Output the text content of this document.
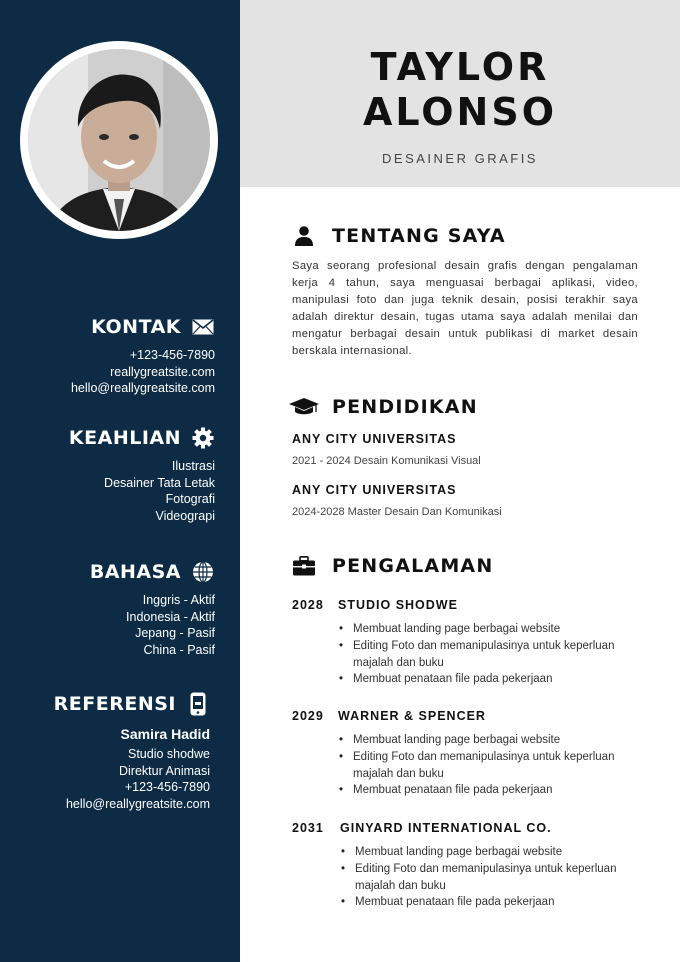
KONTAK
+123-456-7890
reallygreatsite.com
hello@reallygreatsite.com
KEAHLIAN
Ilustrasi
Desainer Tata Letak
Fotografi
Videograpi
BAHASA
Inggris - Aktif
Indonesia - Aktif
Jepang - Pasif
China - Pasif
REFERENSI
Samira Hadid
Studio shodwe
Direktur Animasi
+123-456-7890
hello@reallygreatsite.com
TAYLOR
ALONSO
DESAINER GRAFIS
TENTANG SAYA
Saya seorang profesional desain grafis dengan pengalaman kerja 4 tahun, saya menguasai berbagai aplikasi, video, manipulasi foto dan juga teknik desain, posisi terakhir saya adalah direktur desain, tugas utama saya adalah menilai dan mengatur berbagai desain untuk publikasi di market desain berskala internasional.
PENDIDIKAN
ANY CITY UNIVERSITAS
2021 - 2024 Desain Komunikasi Visual
ANY CITY UNIVERSITAS
2024-2028 Master Desain Dan Komunikasi
PENGALAMAN
2028	STUDIO SHODWE
• Membuat landing page berbagai website
• Editing Foto dan memanipulasinya untuk keperluan majalah dan buku
• Membuat penataan file pada pekerjaan
2029	WARNER & SPENCER
• Membuat landing page berbagai website
• Editing Foto dan memanipulasinya untuk keperluan majalah dan buku
• Membuat penataan file pada pekerjaan
2031	GINYARD INTERNATIONAL CO.
• Membuat landing page berbagai website
• Editing Foto dan memanipulasinya untuk keperluan majalah dan buku
• Membuat penataan file pada pekerjaan
